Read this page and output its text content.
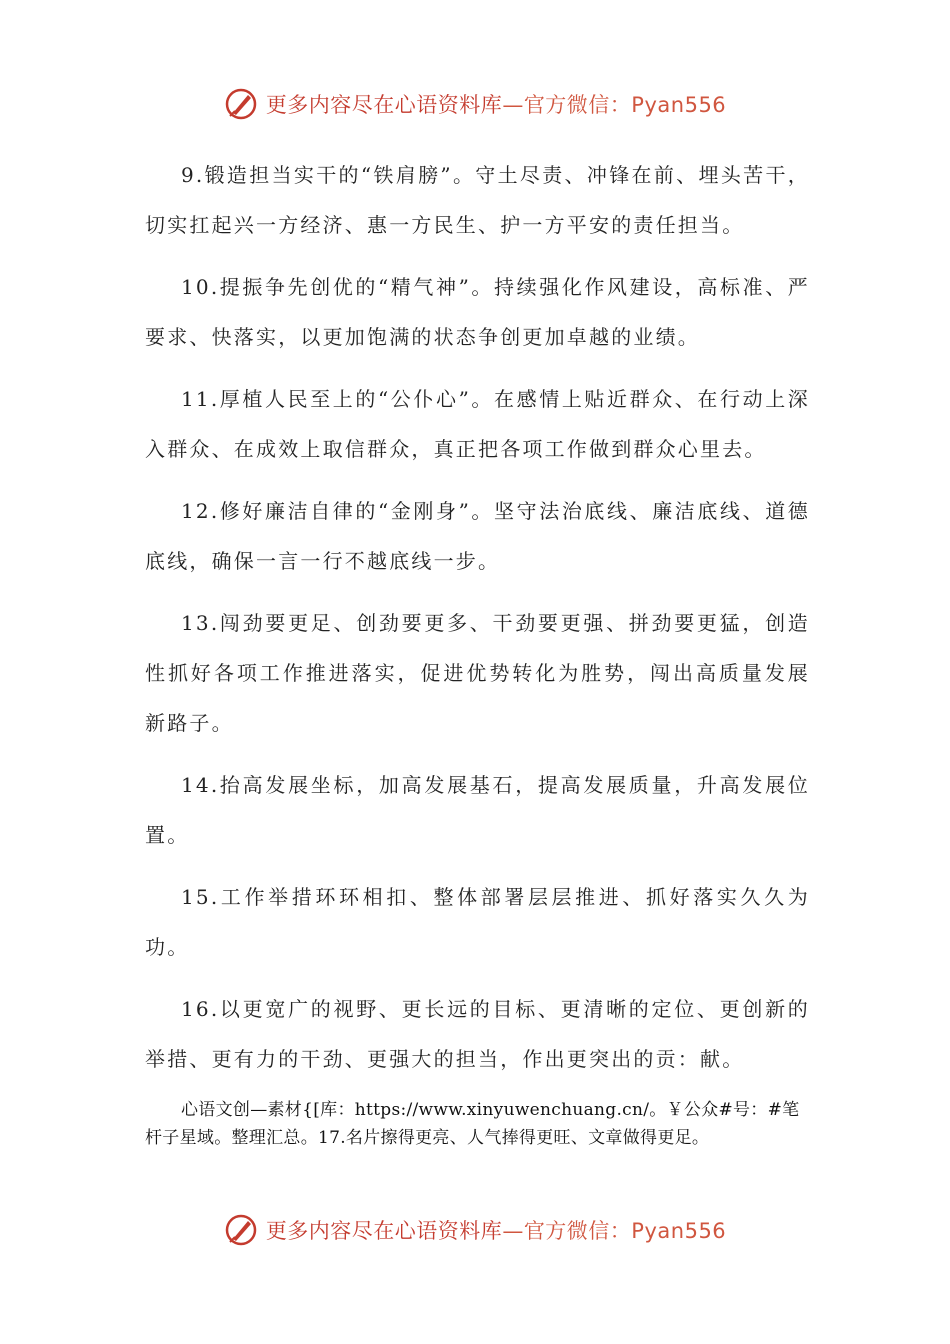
更多内容尽在心语资料库—官方微信：Pyan556

9.锻造担当实干的“铁肩膀”。守土尽责、冲锋在前、埋头苦干，切实扛起兴一方经济、惠一方民生、护一方平安的责任担当。

10.提振争先创优的“精气神”。持续强化作风建设，高标准、严要求、快落实，以更加饱满的状态争创更加卓越的业绩。

11.厚植人民至上的“公仆心”。在感情上贴近群众、在行动上深入群众、在成效上取信群众，真正把各项工作做到群众心里去。

12.修好廉洁自律的“金刚身”。坚守法治底线、廉洁底线、道德底线，确保一言一行不越底线一步。

13.闯劲要更足、创劲要更多、干劲要更强、拼劲要更猛，创造性抓好各项工作推进落实，促进优势转化为胜势，闯出高质量发展新路子。

14.抬高发展坐标，加高发展基石，提高发展质量，升高发展位置。

15.工作举措环环相扣、整体部署层层推进、抓好落实久久为功。

16.以更宽广的视野、更长远的目标、更清晰的定位、更创新的举措、更有力的干劲、更强大的担当，作出更突出的贡：献。

心语文创—素材{[库：https://www.xinyuwenchuang.cn/。￥公众#号：#笔杆子星域。整理汇总。17.名片擦得更亮、人气捧得更旺、文章做得更足。
更多内容尽在心语资料库—官方微信：Pyan556
